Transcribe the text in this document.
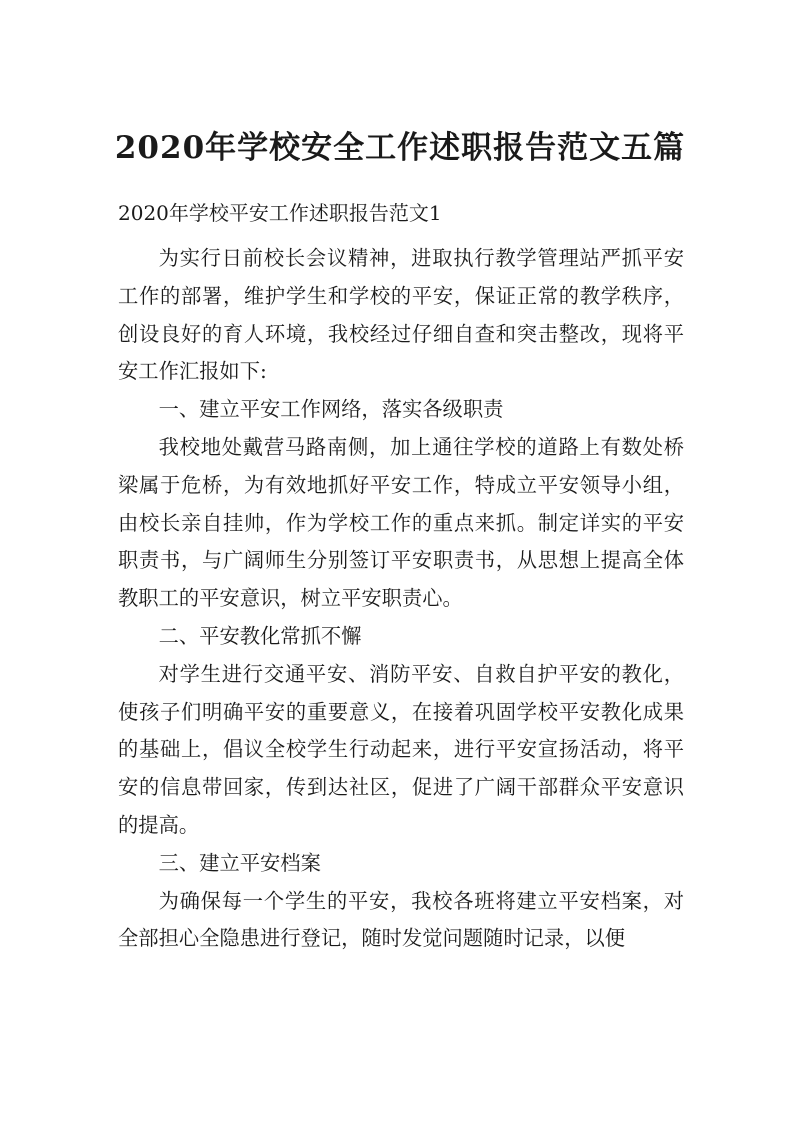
2020年学校安全工作述职报告范文五篇

2020年学校平安工作述职报告范文1

为实行日前校长会议精神，进取执行教学管理站严抓平安工作的部署，维护学生和学校的平安，保证正常的教学秩序，创设良好的育人环境，我校经过仔细自查和突击整改，现将平安工作汇报如下:

一、建立平安工作网络，落实各级职责

我校地处戴营马路南侧，加上通往学校的道路上有数处桥梁属于危桥，为有效地抓好平安工作，特成立平安领导小组，由校长亲自挂帅，作为学校工作的重点来抓。制定详实的平安职责书，与广阔师生分别签订平安职责书，从思想上提高全体教职工的平安意识，树立平安职责心。

二、平安教化常抓不懈

对学生进行交通平安、消防平安、自救自护平安的教化，使孩子们明确平安的重要意义，在接着巩固学校平安教化成果的基础上，倡议全校学生行动起来，进行平安宣扬活动，将平安的信息带回家，传到达社区，促进了广阔干部群众平安意识的提高。

三、建立平安档案

为确保每一个学生的平安，我校各班将建立平安档案，对全部担心全隐患进行登记，随时发觉问题随时记录，以便
